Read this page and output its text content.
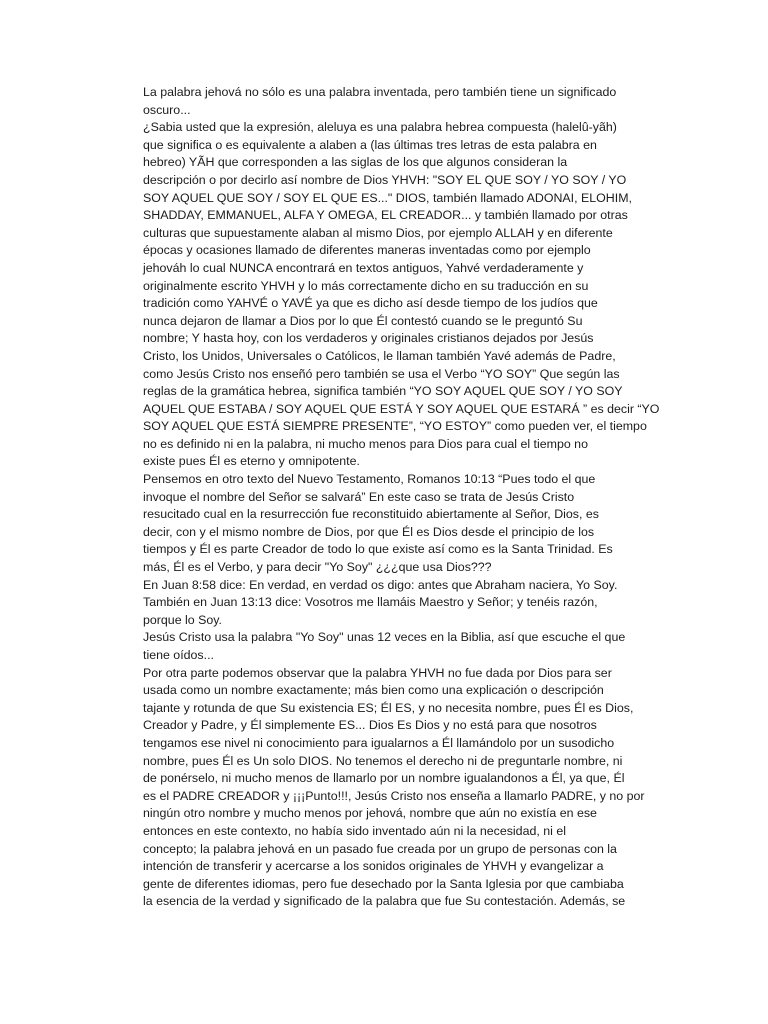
La palabra jehová no sólo es una palabra inventada, pero también tiene un significado
oscuro...
¿Sabia usted que la expresión, aleluya es una palabra hebrea compuesta (halelû-yãh)
que significa o es equivalente a alaben a (las últimas tres letras de esta palabra en
hebreo) YÃH que corresponden a las siglas de los que algunos consideran la
descripción o por decirlo así nombre de Dios YHVH: "SOY EL QUE SOY / YO SOY / YO
SOY AQUEL QUE SOY / SOY EL QUE ES..." DIOS, también llamado ADONAI, ELOHIM,
SHADDAY, EMMANUEL, ALFA Y OMEGA, EL CREADOR... y también llamado por otras
culturas que supuestamente alaban al mismo Dios, por ejemplo ALLAH y en diferente
épocas y ocasiones llamado de diferentes maneras inventadas como por ejemplo
jehováh lo cual NUNCA encontrará en textos antiguos, Yahvé verdaderamente y
originalmente escrito YHVH y lo más correctamente dicho en su traducción en su
tradición como YAHVÉ o YAVÉ ya que es dicho así desde tiempo de los judíos que
nunca dejaron de llamar a Dios por lo que Él contestó cuando se le preguntó Su
nombre; Y hasta hoy, con los verdaderos y originales cristianos dejados por Jesús
Cristo, los Unidos, Universales o Católicos, le llaman también Yavé además de Padre,
como Jesús Cristo nos enseñó pero también se usa el Verbo “YO SOY” Que según las
reglas de la gramática hebrea, significa también “YO SOY AQUEL QUE SOY / YO SOY
AQUEL QUE ESTABA / SOY AQUEL QUE ESTÁ Y SOY AQUEL QUE ESTARÁ ” es decir “YO
SOY AQUEL QUE ESTÁ SIEMPRE PRESENTE”, “YO ESTOY” como pueden ver, el tiempo
no es definido ni en la palabra, ni mucho menos para Dios para cual el tiempo no
existe pues Él es eterno y omnipotente.
Pensemos en otro texto del Nuevo Testamento, Romanos 10:13 “Pues todo el que
invoque el nombre del Señor se salvará” En este caso se trata de Jesús Cristo
resucitado cual en la resurrección fue reconstituido abiertamente al Señor, Dios, es
decir, con y el mismo nombre de Dios, por que Él es Dios desde el principio de los
tiempos y Él es parte Creador de todo lo que existe así como es la Santa Trinidad. Es
más, Él es el Verbo, y para decir "Yo Soy" ¿¿¿que usa Dios???
En Juan 8:58 dice: En verdad, en verdad os digo: antes que Abraham naciera, Yo Soy.
También en Juan 13:13 dice: Vosotros me llamáis Maestro y Señor; y tenéis razón,
porque lo Soy.
Jesús Cristo usa la palabra "Yo Soy" unas 12 veces en la Biblia, así que escuche el que
tiene oídos...
Por otra parte podemos observar que la palabra YHVH no fue dada por Dios para ser
usada como un nombre exactamente; más bien como una explicación o descripción
tajante y rotunda de que Su existencia ES; Él ES, y no necesita nombre, pues Él es Dios,
Creador y Padre, y Él simplemente ES... Dios Es Dios y no está para que nosotros
tengamos ese nivel ni conocimiento para igualarnos a Él llamándolo por un susodicho
nombre, pues Él es Un solo DIOS. No tenemos el derecho ni de preguntarle nombre, ni
de ponérselo, ni mucho menos de llamarlo por un nombre igualandonos a Él, ya que, Él
es el PADRE CREADOR y ¡¡¡Punto!!!, Jesús Cristo nos enseña a llamarlo PADRE, y no por
ningún otro nombre y mucho menos por jehová, nombre que aún no existía en ese
entonces en este contexto, no había sido inventado aún ni la necesidad, ni el
concepto; la palabra jehová en un pasado fue creada por un grupo de personas con la
intención de transferir y acercarse a los sonidos originales de YHVH y evangelizar a
gente de diferentes idiomas, pero fue desechado por la Santa Iglesia por que cambiaba
la esencia de la verdad y significado de la palabra que fue Su contestación. Además, se
